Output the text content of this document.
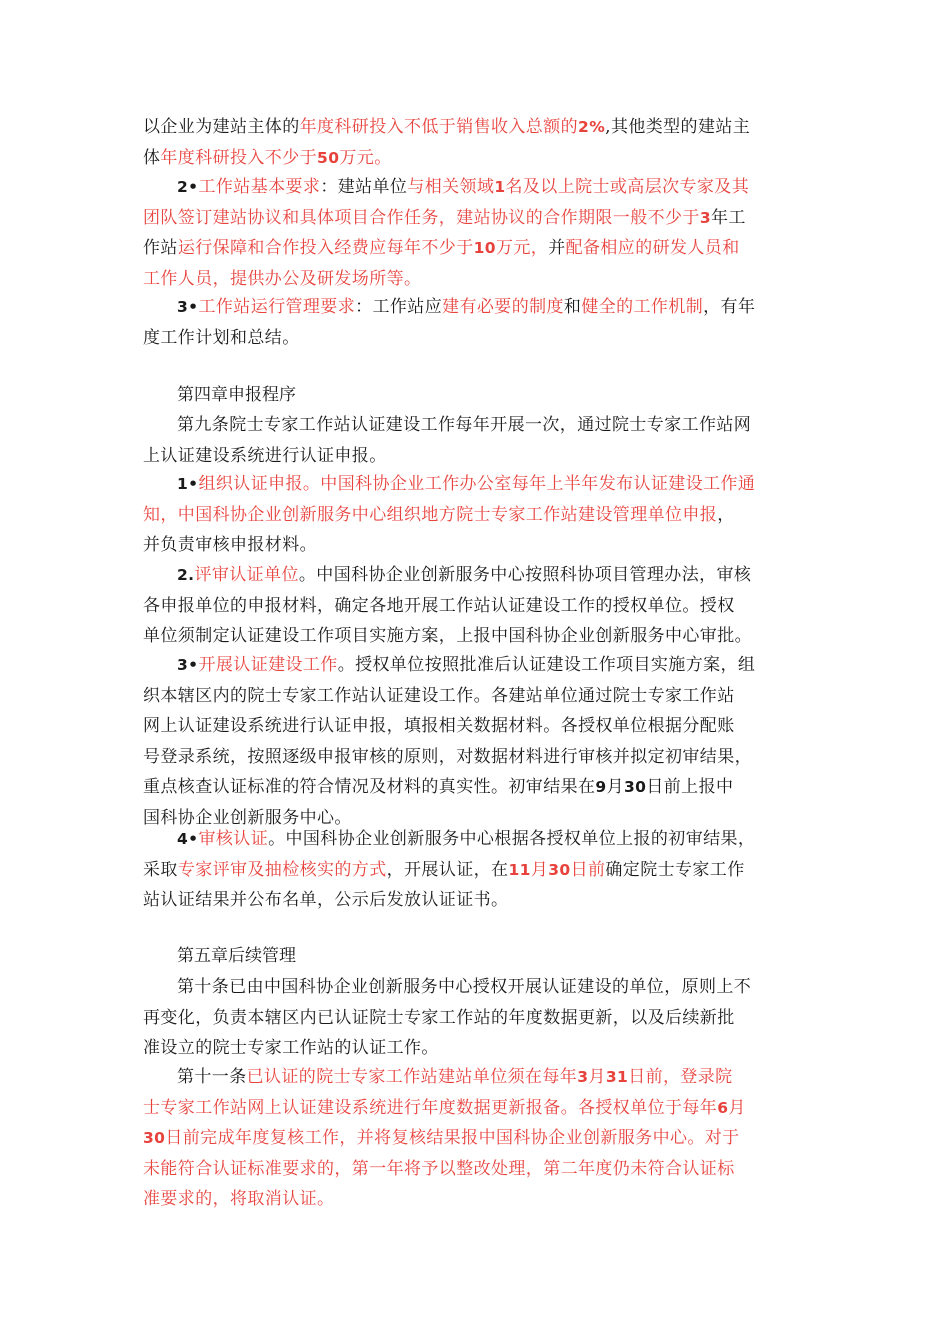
以企业为建站主体的年度科研投入不低于销售收入总额的2%,其他类型的建站主
体年度科研投入不少于50万元。
2•工作站基本要求：建站单位与相关领域1名及以上院士或高层次专家及其
团队签订建站协议和具体项目合作任务，建站协议的合作期限一般不少于3年工
作站运行保障和合作投入经费应每年不少于10万元，并配备相应的研发人员和
工作人员，提供办公及研发场所等。
3•工作站运行管理要求：工作站应建有必要的制度和健全的工作机制，有年
度工作计划和总结。
第四章申报程序
第九条院士专家工作站认证建设工作每年开展一次，通过院士专家工作站网
上认证建设系统进行认证申报。
1•组织认证申报。中国科协企业工作办公室每年上半年发布认证建设工作通
知，中国科协企业创新服务中心组织地方院士专家工作站建设管理单位申报，
并负责审核申报材料。
2.评审认证单位。中国科协企业创新服务中心按照科协项目管理办法，审核
各申报单位的申报材料，确定各地开展工作站认证建设工作的授权单位。授权
单位须制定认证建设工作项目实施方案，上报中国科协企业创新服务中心审批。
3•开展认证建设工作。授权单位按照批准后认证建设工作项目实施方案，组
织本辖区内的院士专家工作站认证建设工作。各建站单位通过院士专家工作站
网上认证建设系统进行认证申报，填报相关数据材料。各授权单位根据分配账
号登录系统，按照逐级申报审核的原则，对数据材料进行审核并拟定初审结果，
重点核查认证标准的符合情况及材料的真实性。初审结果在9月30日前上报中
国科协企业创新服务中心。
4•审核认证。中国科协企业创新服务中心根据各授权单位上报的初审结果，
采取专家评审及抽检核实的方式，开展认证，在11月30日前确定院士专家工作
站认证结果并公布名单，公示后发放认证证书。
第五章后续管理
第十条已由中国科协企业创新服务中心授权开展认证建设的单位，原则上不
再变化，负责本辖区内已认证院士专家工作站的年度数据更新，以及后续新批
准设立的院士专家工作站的认证工作。
第十一条已认证的院士专家工作站建站单位须在每年3月31日前，登录院
士专家工作站网上认证建设系统进行年度数据更新报备。各授权单位于每年6月
30日前完成年度复核工作，并将复核结果报中国科协企业创新服务中心。对于
未能符合认证标准要求的，第一年将予以整改处理，第二年度仍未符合认证标
准要求的，将取消认证。
